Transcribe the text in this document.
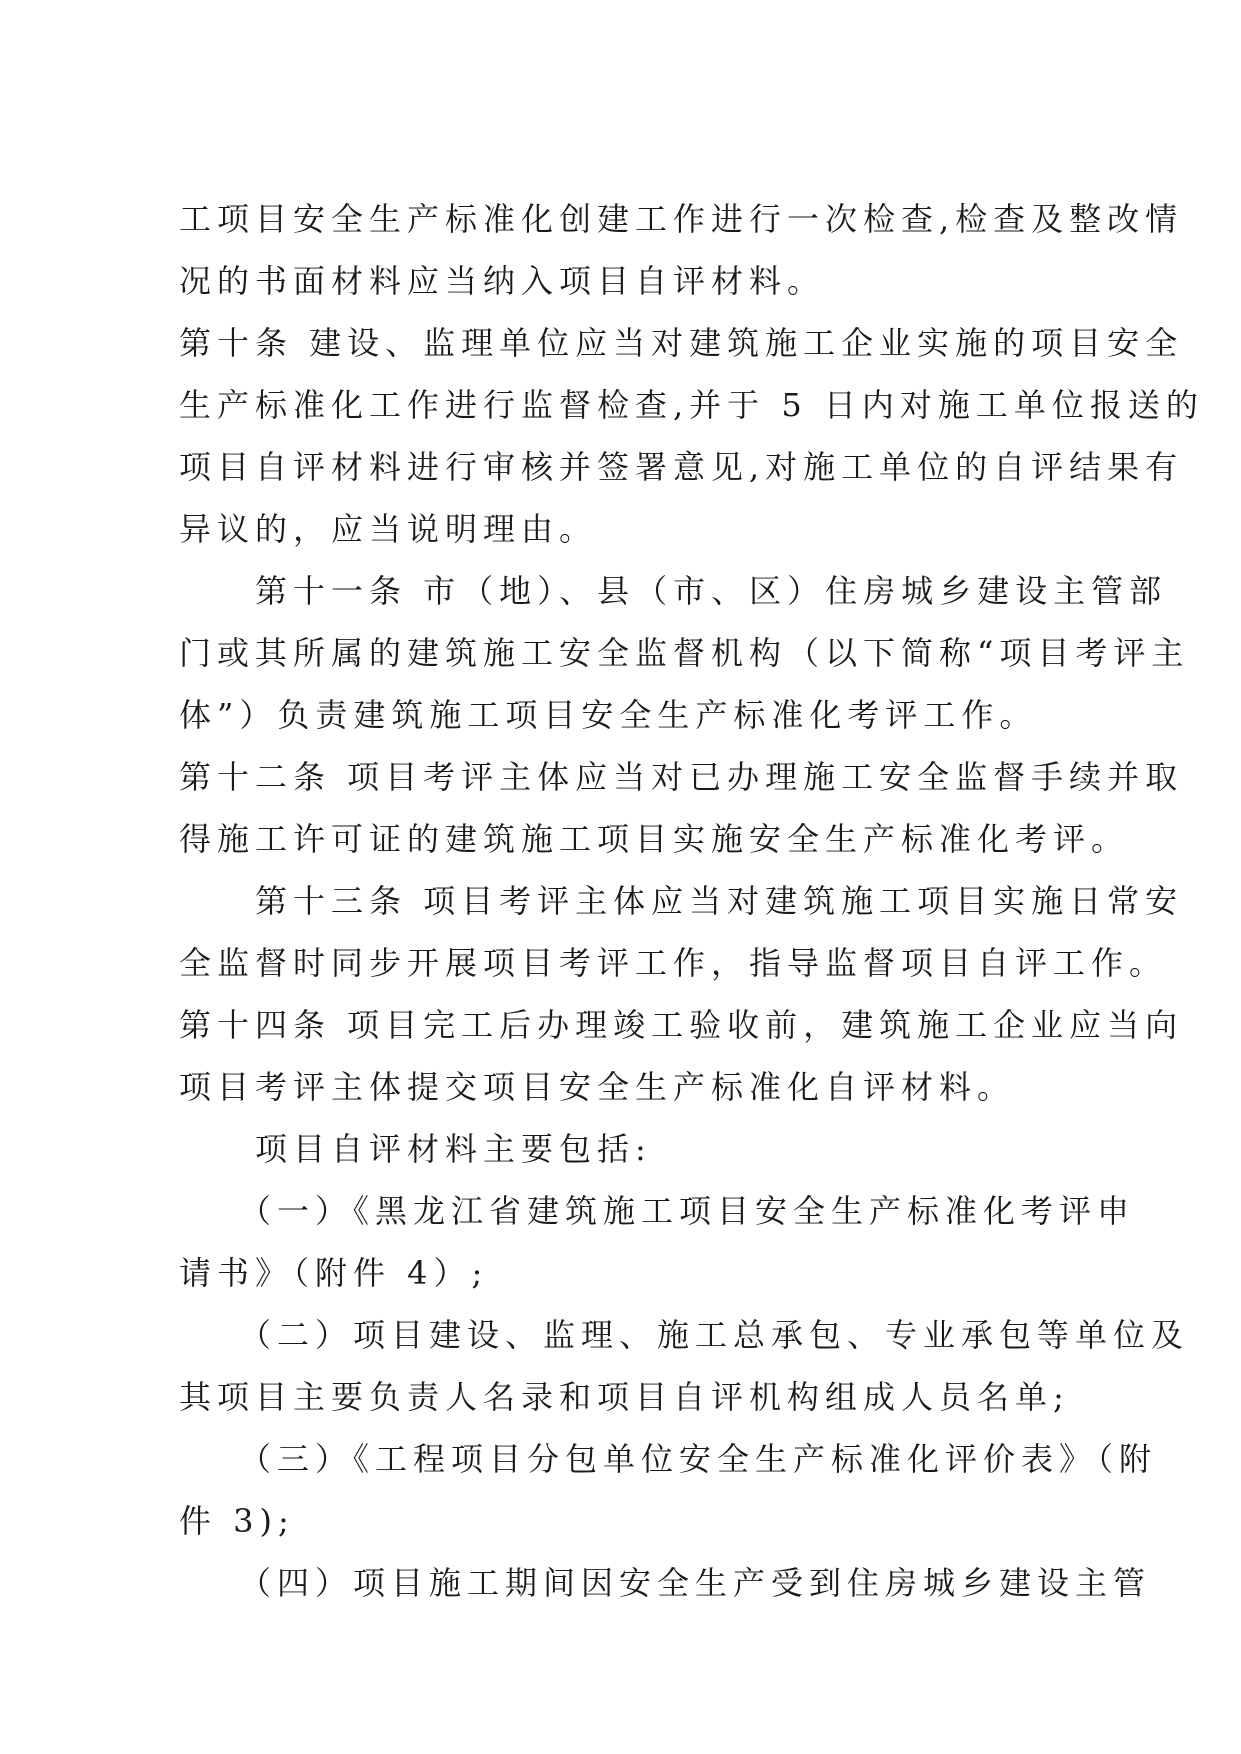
工项目安全生产标准化创建工作进行一次检查,检查及整改情
况的书面材料应当纳入项目自评材料。
第十条 建设、监理单位应当对建筑施工企业实施的项目安全
生产标准化工作进行监督检查,并于 5 日内对施工单位报送的
项目自评材料进行审核并签署意见,对施工单位的自评结果有
异议的，应当说明理由。
　　第十一条 市（地）、县（市、区）住房城乡建设主管部
门或其所属的建筑施工安全监督机构（以下简称“项目考评主
体”）负责建筑施工项目安全生产标准化考评工作。
第十二条 项目考评主体应当对已办理施工安全监督手续并取
得施工许可证的建筑施工项目实施安全生产标准化考评。
　　第十三条 项目考评主体应当对建筑施工项目实施日常安
全监督时同步开展项目考评工作，指导监督项目自评工作。
第十四条 项目完工后办理竣工验收前，建筑施工企业应当向
项目考评主体提交项目安全生产标准化自评材料。
　　项目自评材料主要包括:
　　（一）《黑龙江省建筑施工项目安全生产标准化考评申
请书》（附件 4）;
　　（二）项目建设、监理、施工总承包、专业承包等单位及
其项目主要负责人名录和项目自评机构组成人员名单;
　　（三）《工程项目分包单位安全生产标准化评价表》（附
件 3);
　　（四）项目施工期间因安全生产受到住房城乡建设主管
